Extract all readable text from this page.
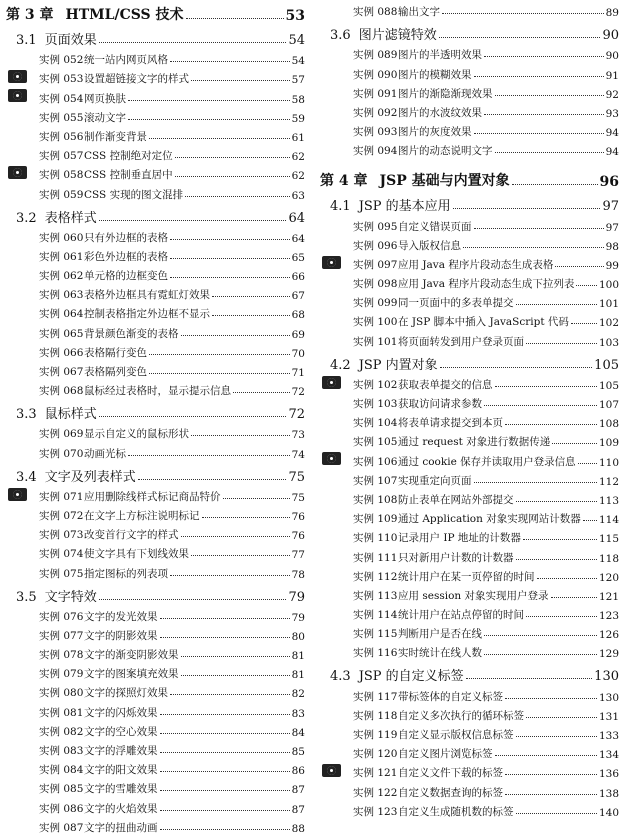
第 3 章 HTML/CSS 技术	53
3.1 页面效果	54
实例 052统一站内网页风格	54
实例 053设置超链接文字的样式	57
实例 054网页换肤	58
实例 055滚动文字	59
实例 056制作渐变背景	61
实例 057CSS 控制绝对定位	62
实例 058CSS 控制垂直居中	62
实例 059CSS 实现的图文混排	63
3.2 表格样式	64
实例 060只有外边框的表格	64
实例 061彩色外边框的表格	65
实例 062单元格的边框变色	66
实例 063表格外边框具有霓虹灯效果	67
实例 064控制表格指定外边框不显示	68
实例 065背景颜色渐变的表格	69
实例 066表格隔行变色	70
实例 067表格隔列变色	71
实例 068鼠标经过表格时，显示提示信息	72
3.3 鼠标样式	72
实例 069显示自定义的鼠标形状	73
实例 070动画光标	74
3.4 文字及列表样式	75
实例 071应用删除线样式标记商品特价	75
实例 072在文字上方标注说明标记	76
实例 073改变首行文字的样式	76
实例 074使文字具有下划线效果	77
实例 075指定图标的列表项	78
3.5 文字特效	79
实例 076文字的发光效果	79
实例 077文字的阴影效果	80
实例 078文字的渐变阴影效果	81
实例 079文字的图案填充效果	81
实例 080文字的探照灯效果	82
实例 081文字的闪烁效果	83
实例 082文字的空心效果	84
实例 083文字的浮雕效果	85
实例 084文字的阳文效果	86
实例 085文字的雪雕效果	87
实例 086文字的火焰效果	87
实例 087文字的扭曲动画	88
实例 088输出文字	89
3.6 图片滤镜特效	90
实例 089图片的半透明效果	90
实例 090图片的模糊效果	91
实例 091图片的渐隐渐现效果	92
实例 092图片的水波纹效果	93
实例 093图片的灰度效果	94
实例 094图片的动态说明文字	94
第 4 章 JSP 基础与内置对象	96
4.1 JSP 的基本应用	97
实例 095自定义错误页面	97
实例 096导入版权信息	98
实例 097应用 Java 程序片段动态生成表格	99
实例 098应用 Java 程序片段动态生成下拉列表 100
实例 099同一页面中的多表单提交	101
实例 100在 JSP 脚本中插入 JavaScript 代码	102
实例 101将页面转发到用户登录页面	103
4.2 JSP 内置对象	105
实例 102获取表单提交的信息	105
实例 103获取访问请求参数	107
实例 104将表单请求提交到本页	108
实例 105通过 request 对象进行数据传递	109
实例 106通过 cookie 保存并读取用户登录信息 110
实例 107实现重定向页面	112
实例 108防止表单在网站外部提交	113
实例 109通过 Application 对象实现网站计数器 114
实例 110记录用户 IP 地址的计数器	115
实例 111只对新用户计数的计数器	118
实例 112统计用户在某一页停留的时间	120
实例 113应用 session 对象实现用户登录	121
实例 114统计用户在站点停留的时间	123
实例 115判断用户是否在线	126
实例 116实时统计在线人数	129
4.3 JSP 的自定义标签	130
实例 117带标签体的自定义标签	130
实例 118自定义多次执行的循环标签	131
实例 119自定义显示版权信息标签	133
实例 120自定义图片浏览标签	134
实例 121自定义文件下载的标签	136
实例 122自定义数据查询的标签	138
实例 123自定义生成随机数的标签	140
